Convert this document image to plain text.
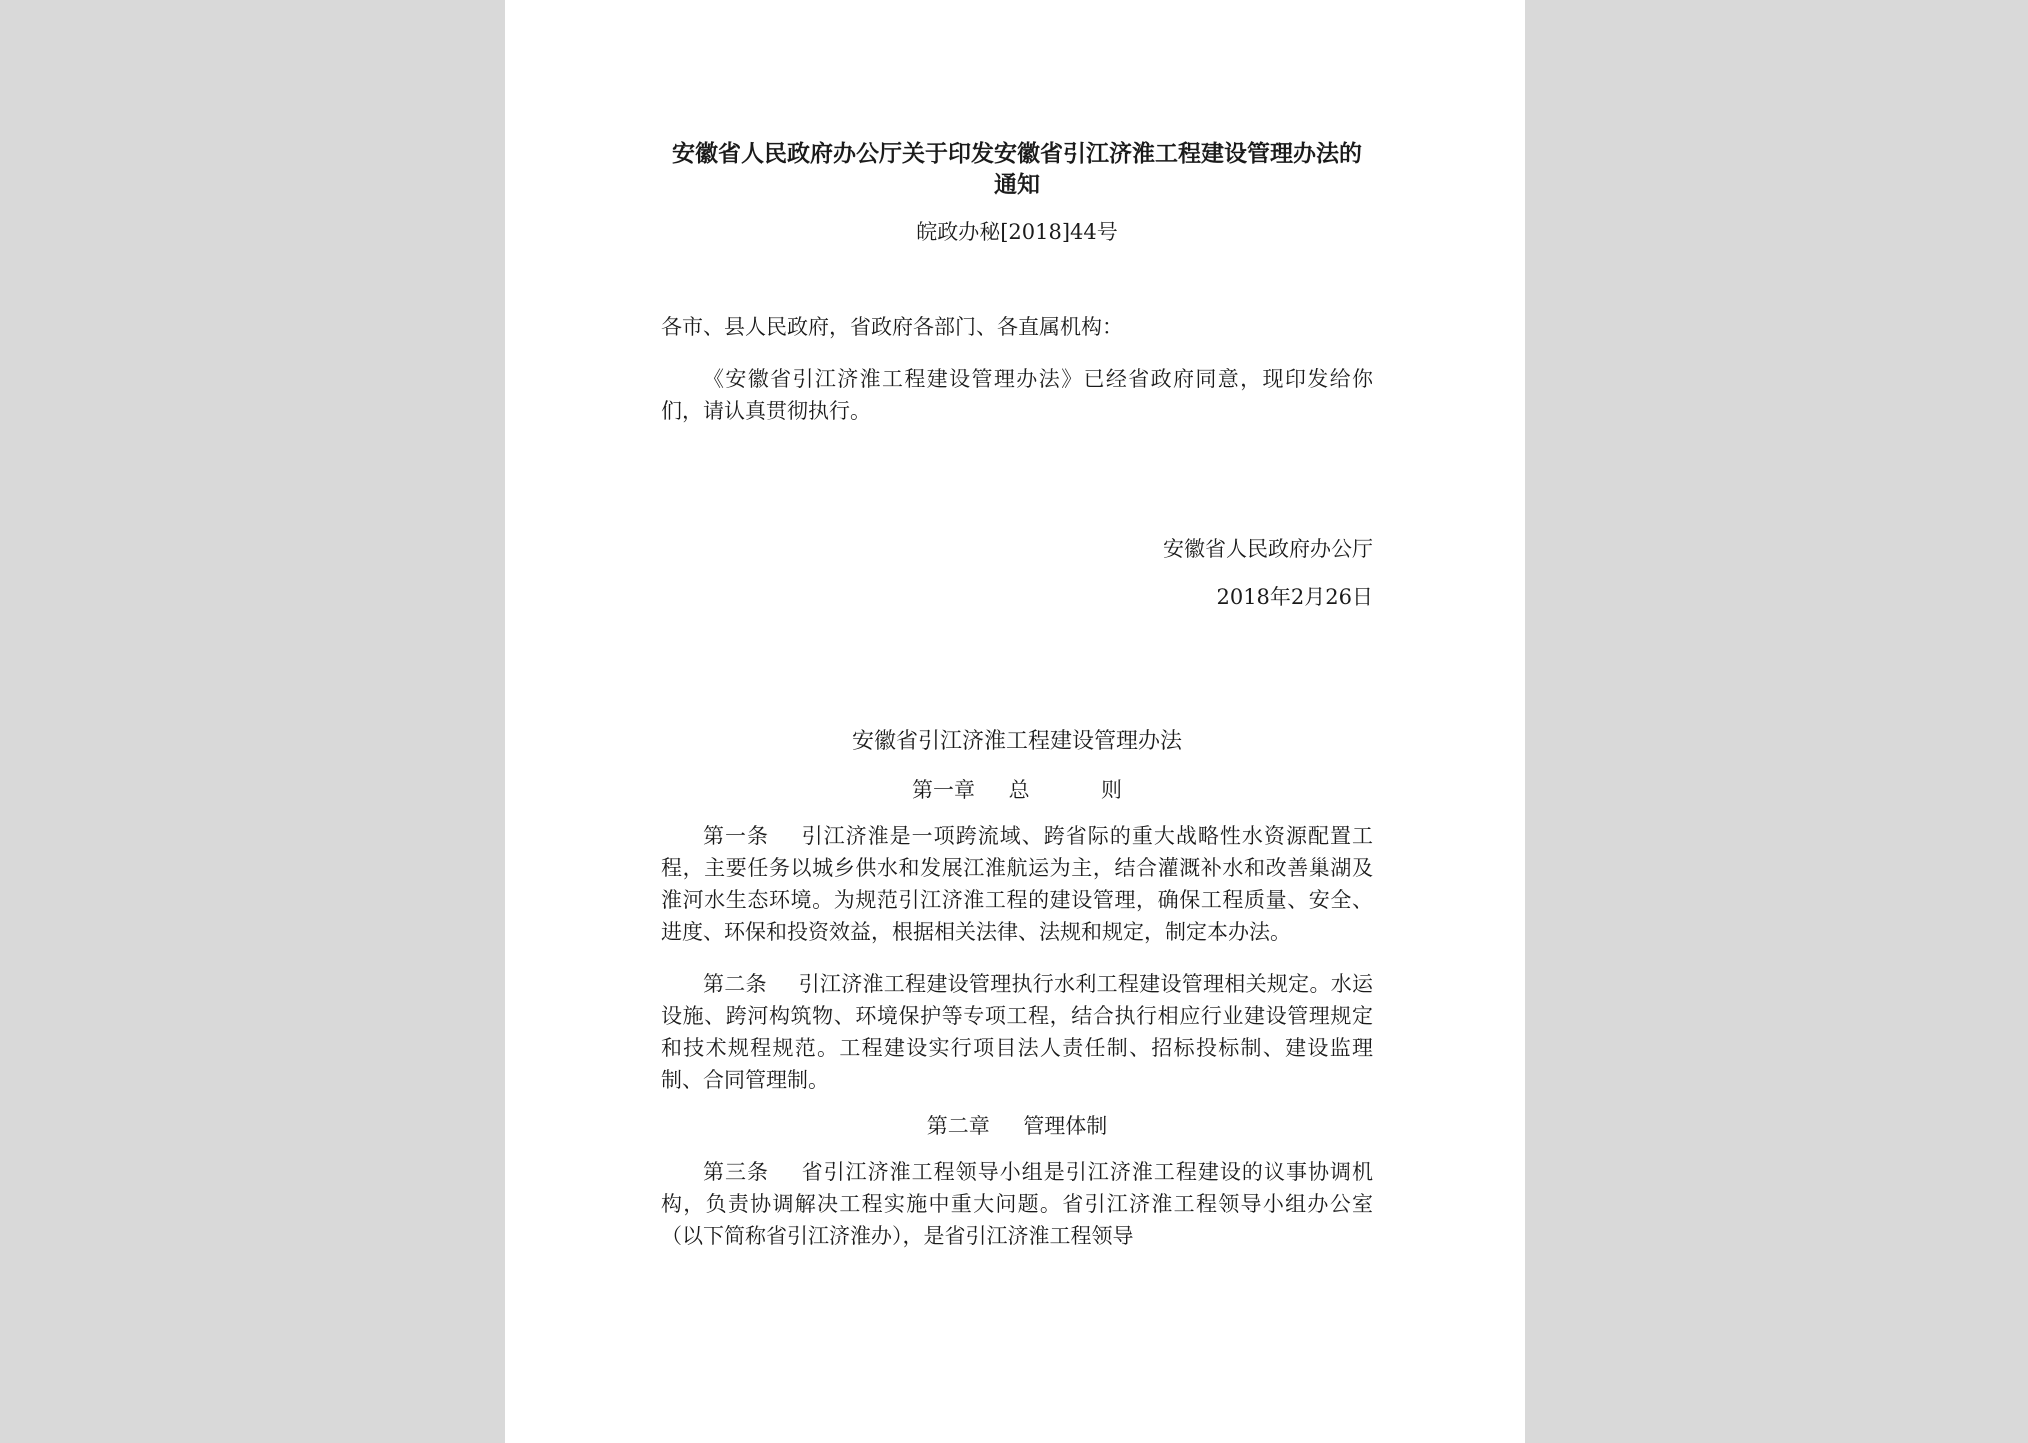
安徽省人民政府办公厅关于印发安徽省引江济淮工程建设管理办法的通知

皖政办秘[2018]44号

各市、县人民政府，省政府各部门、各直属机构：

《安徽省引江济淮工程建设管理办法》已经省政府同意，现印发给你们，请认真贯彻执行。

安徽省人民政府办公厅

2018年2月26日

安徽省引江济淮工程建设管理办法

第一章 总	则

第一条 引江济淮是一项跨流域、跨省际的重大战略性水资源配置工程，主要任务以城乡供水和发展江淮航运为主，结合灌溉补水和改善巢湖及淮河水生态环境。为规范引江济淮工程的建设管理，确保工程质量、安全、进度、环保和投资效益，根据相关法律、法规和规定，制定本办法。

第二条 引江济淮工程建设管理执行水利工程建设管理相关规定。水运设施、跨河构筑物、环境保护等专项工程，结合执行相应行业建设管理规定和技术规程规范。工程建设实行项目法人责任制、招标投标制、建设监理制、合同管理制。

第二章 管理体制

第三条 省引江济淮工程领导小组是引江济淮工程建设的议事协调机构，负责协调解决工程实施中重大问题。省引江济淮工程领导小组办公室（以下简称省引江济淮办），是省引江济淮工程领导
